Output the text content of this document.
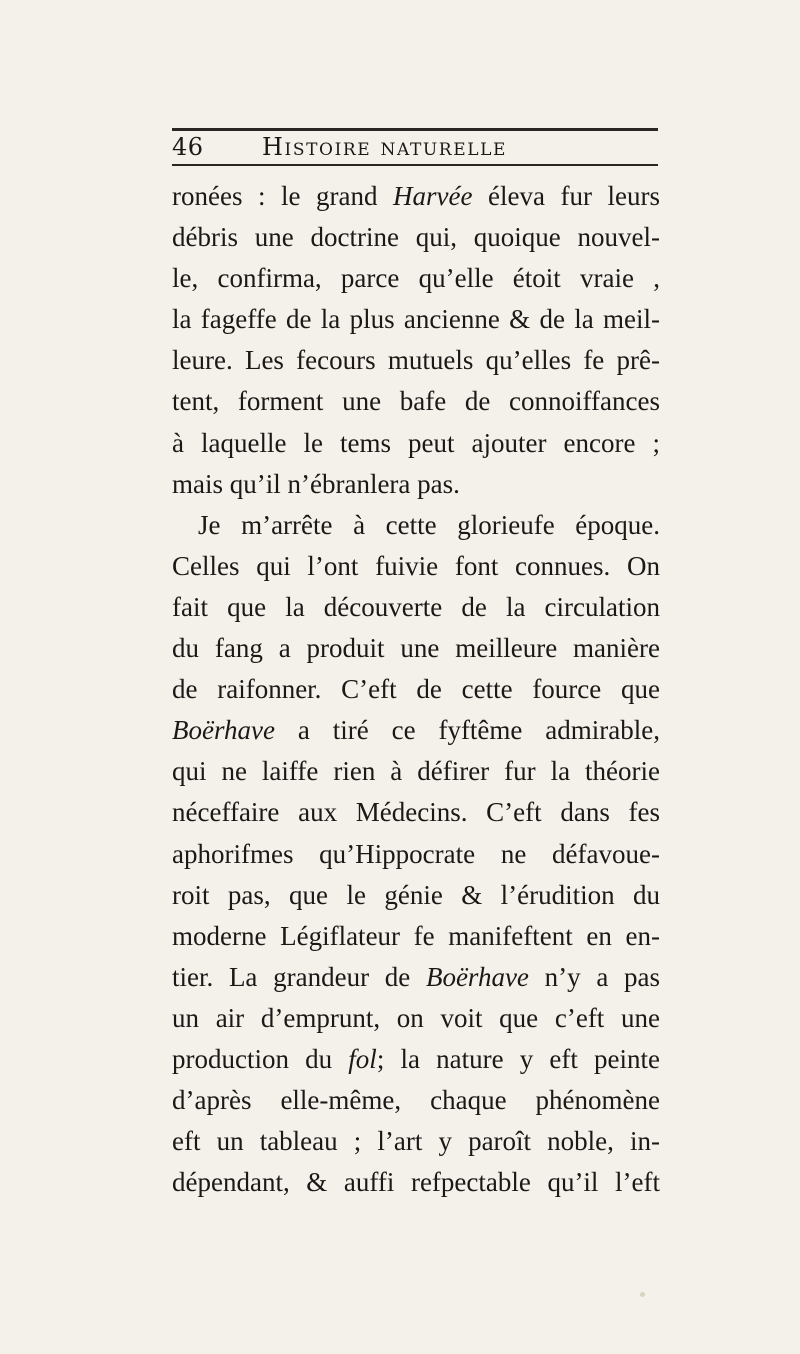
46 Histoire naturelle
ronées : le grand Harvée éleva fur leurs
débris une doctrine qui, quoique nouvel-
le, confirma, parce qu’elle étoit vraie ,
la fageffe de la plus ancienne & de la meil-
leure. Les fecours mutuels qu’elles fe prê-
tent, forment une bafe de connoiffances
à laquelle le tems peut ajouter encore ;
mais qu’il n’ébranlera pas.
Je m’arrête à cette glorieufe époque.
Celles qui l’ont fuivie font connues. On
fait que la découverte de la circulation
du fang a produit une meilleure manière
de raifonner. C’eft de cette fource que
Boërhave a tiré ce fyftême admirable,
qui ne laiffe rien à défirer fur la théorie
néceffaire aux Médecins. C’eft dans fes
aphorifmes qu’Hippocrate ne défavoue-
roit pas, que le génie & l’érudition du
moderne Légiflateur fe manifeftent en en-
tier. La grandeur de Boërhave n’y a pas
un air d’emprunt, on voit que c’eft une
production du fol; la nature y eft peinte
d’après elle-même, chaque phénomène
eft un tableau ; l’art y paroît noble, in-
dépendant, & auffi refpectable qu’il l’eft
